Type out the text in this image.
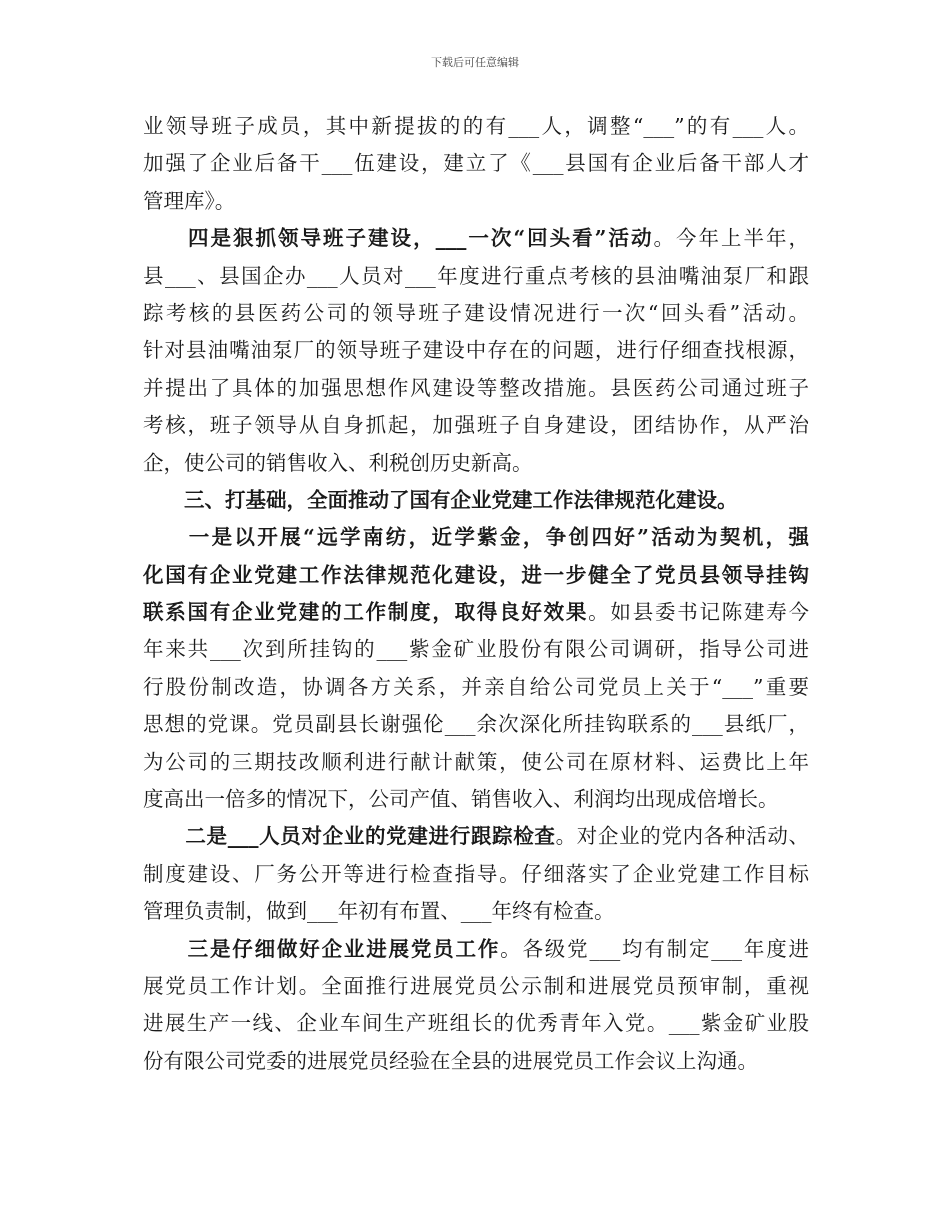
下载后可任意编辑
业领导班子成员，其中新提拔的的有___人，调整“___”的有___人。
加强了企业后备干___伍建设，建立了《___县国有企业后备干部人才
管理库》。
　　四是狠抓领导班子建设，___一次“回头看”活动。今年上半年，
县___、县国企办___人员对___年度进行重点考核的县油嘴油泵厂和跟
踪考核的县医药公司的领导班子建设情况进行一次“回头看”活动。
针对县油嘴油泵厂的领导班子建设中存在的问题，进行仔细查找根源，
并提出了具体的加强思想作风建设等整改措施。县医药公司通过班子
考核，班子领导从自身抓起，加强班子自身建设，团结协作，从严治
企，使公司的销售收入、利税创历史新高。
　　三、打基础，全面推动了国有企业党建工作法律规范化建设。
　　一是以开展“远学南纺，近学紫金，争创四好”活动为契机，强
化国有企业党建工作法律规范化建设，进一步健全了党员县领导挂钩
联系国有企业党建的工作制度，取得良好效果。如县委书记陈建寿今
年来共___次到所挂钩的___紫金矿业股份有限公司调研，指导公司进
行股份制改造，协调各方关系，并亲自给公司党员上关于“___”重要
思想的党课。党员副县长谢强伦___余次深化所挂钩联系的___县纸厂，
为公司的三期技改顺利进行献计献策，使公司在原材料、运费比上年
度高出一倍多的情况下，公司产值、销售收入、利润均出现成倍增长。
　　二是___人员对企业的党建进行跟踪检查。对企业的党内各种活动、
制度建设、厂务公开等进行检查指导。仔细落实了企业党建工作目标
管理负责制，做到___年初有布置、___年终有检查。
　　三是仔细做好企业进展党员工作。各级党___均有制定___年度进
展党员工作计划。全面推行进展党员公示制和进展党员预审制，重视
进展生产一线、企业车间生产班组长的优秀青年入党。___紫金矿业股
份有限公司党委的进展党员经验在全县的进展党员工作会议上沟通。
